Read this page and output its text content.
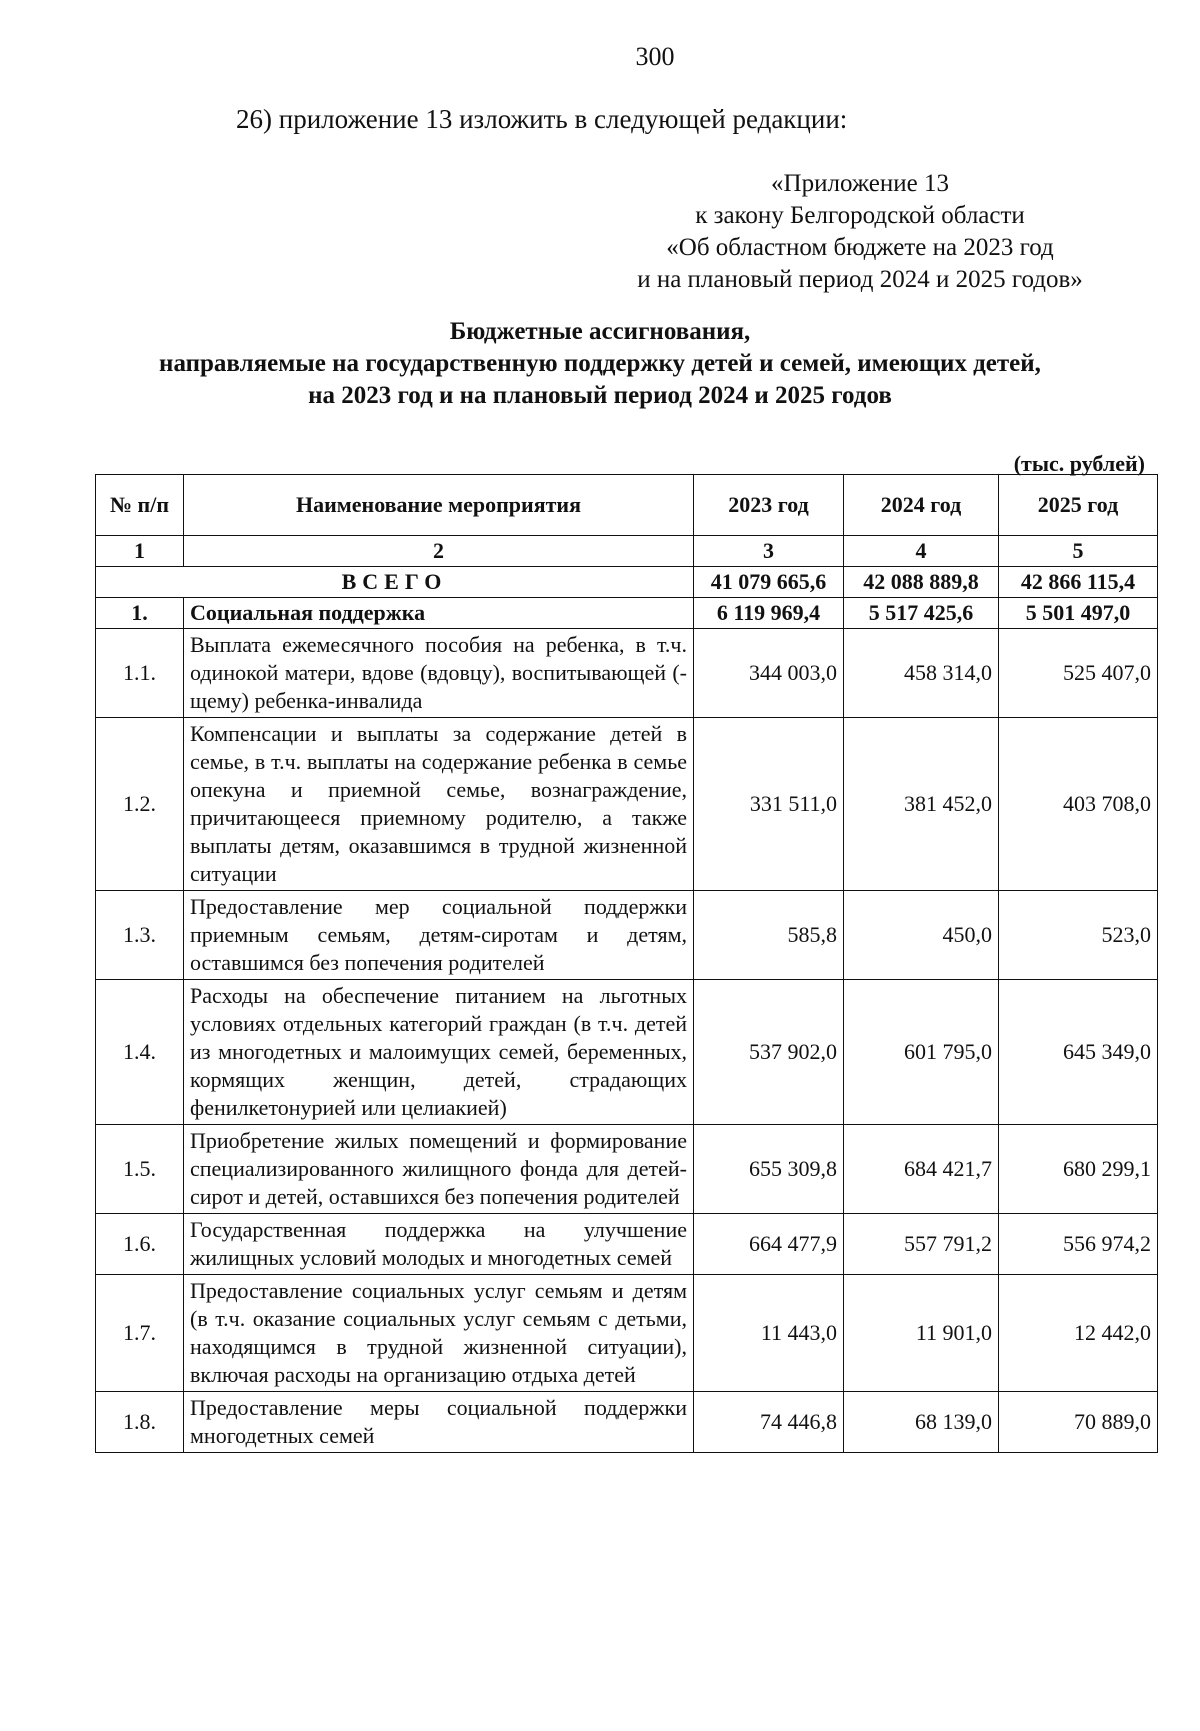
300
26) приложение 13 изложить в следующей редакции:
«Приложение 13
к закону Белгородской области
«Об областном бюджете на 2023 год
и на плановый период 2024 и 2025 годов»
Бюджетные ассигнования,
направляемые на государственную поддержку детей и семей, имеющих детей,
на 2023 год и на плановый период 2024 и 2025 годов
(тыс. рублей)
№ п/п	Наименование мероприятия	2023 год	2024 год	2025 год
1	2	3	4	5
ВСЕГО		41 079 665,6	42 088 889,8	42 866 115,4
1.	Социальная поддержка	6 119 969,4	5 517 425,6	5 501 497,0
1.1.	Выплата ежемесячного пособия на ребенка, в т.ч. одинокой матери, вдове (вдовцу), воспитывающей (-щему) ребенка-инвалида	344 003,0	458 314,0	525 407,0
1.2.	Компенсации и выплаты за содержание детей в семье, в т.ч. выплаты на содержание ребенка в семье опекуна и приемной семье, вознаграждение, причитающееся приемному родителю, а также выплаты детям, оказавшимся в трудной жизненной ситуации	331 511,0	381 452,0	403 708,0
1.3.	Предоставление мер социальной поддержки приемным семьям, детям-сиротам и детям, оставшимся без попечения родителей	585,8	450,0	523,0
1.4.	Расходы на обеспечение питанием на льготных условиях отдельных категорий граждан (в т.ч. детей из многодетных и малоимущих семей, беременных, кормящих женщин, детей, страдающих фенилкетонурией или целиакией)	537 902,0	601 795,0	645 349,0
1.5.	Приобретение жилых помещений и формирование специализированного жилищного фонда для детей-сирот и детей, оставшихся без попечения родителей	655 309,8	684 421,7	680 299,1
1.6.	Государственная поддержка на улучшение жилищных условий молодых и многодетных семей	664 477,9	557 791,2	556 974,2
1.7.	Предоставление социальных услуг семьям и детям (в т.ч. оказание социальных услуг семьям с детьми, находящимся в трудной жизненной ситуации), включая расходы на организацию отдыха детей	11 443,0	11 901,0	12 442,0
1.8.	Предоставление меры социальной поддержки многодетных семей	74 446,8	68 139,0	70 889,0
